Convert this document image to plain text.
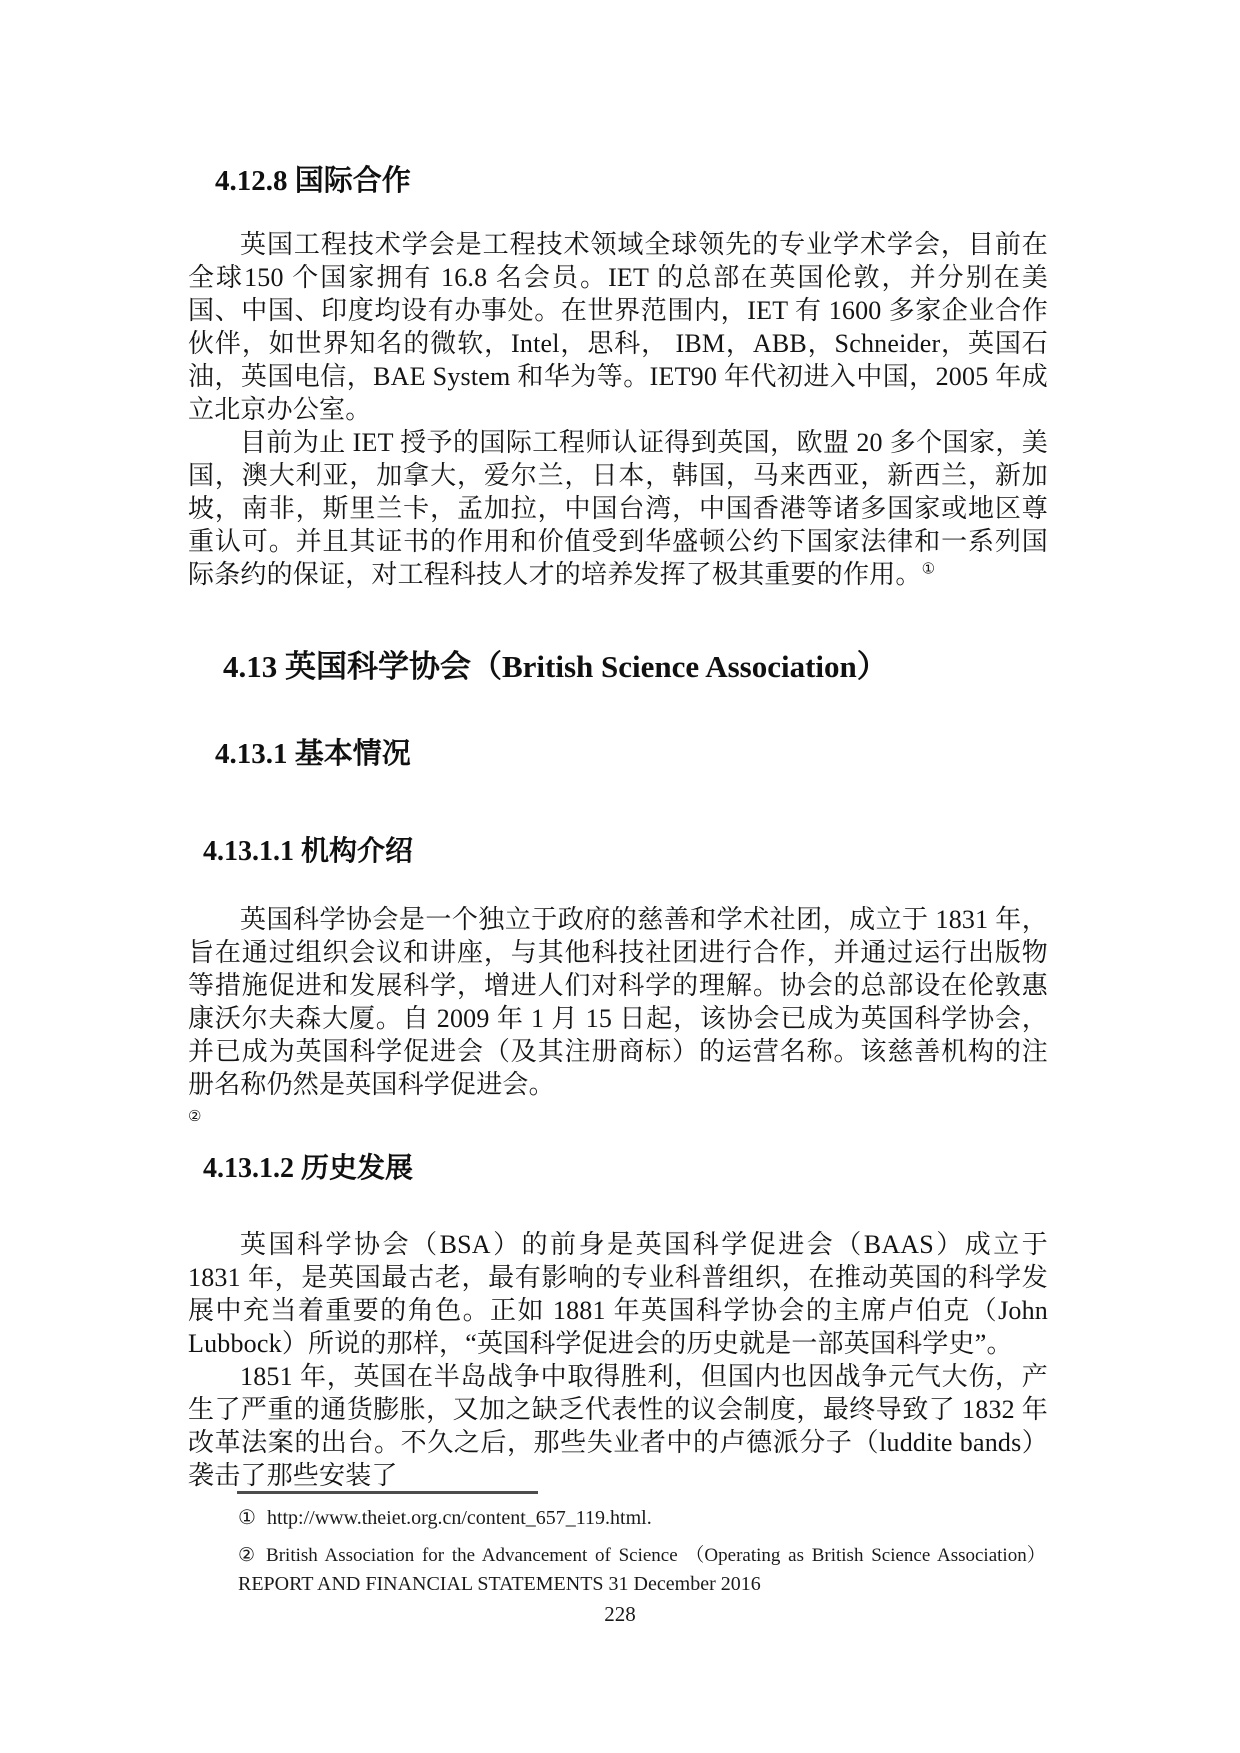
4.12.8 国际合作

英国工程技术学会是工程技术领域全球领先的专业学术学会，目前在全球150 个国家拥有 16.8 名会员。IET 的总部在英国伦敦，并分别在美国、中国、印度均设有办事处。在世界范围内，IET 有 1600 多家企业合作伙伴，如世界知名的微软，Intel，思科， IBM，ABB，Schneider，英国石油，英国电信，BAE System 和华为等。IET90 年代初进入中国，2005 年成立北京办公室。

目前为止 IET 授予的国际工程师认证得到英国，欧盟 20 多个国家，美国，澳大利亚，加拿大，爱尔兰，日本，韩国，马来西亚，新西兰，新加坡，南非，斯里兰卡，孟加拉，中国台湾，中国香港等诸多国家或地区尊重认可。并且其证书的作用和价值受到华盛顿公约下国家法律和一系列国际条约的保证，对工程科技人才的培养发挥了极其重要的作用。①

4.13 英国科学协会（British Science Association）
4.13.1 基本情况
4.13.1.1 机构介绍

英国科学协会是一个独立于政府的慈善和学术社团，成立于 1831 年，旨在通过组织会议和讲座，与其他科技社团进行合作，并通过运行出版物等措施促进和发展科学，增进人们对科学的理解。协会的总部设在伦敦惠康沃尔夫森大厦。自 2009 年 1 月 15 日起，该协会已成为英国科学协会，并已成为英国科学促进会（及其注册商标）的运营名称。该慈善机构的注册名称仍然是英国科学促进会。

②
4.13.1.2 历史发展

英国科学协会（BSA）的前身是英国科学促进会（BAAS）成立于 1831 年，是英国最古老，最有影响的专业科普组织，在推动英国的科学发展中充当着重要的角色。正如 1881 年英国科学协会的主席卢伯克（John Lubbock）所说的那样，“英国科学促进会的历史就是一部英国科学史”。

1851 年，英国在半岛战争中取得胜利，但国内也因战争元气大伤，产生了严重的通货膨胀，又加之缺乏代表性的议会制度，最终导致了 1832 年改革法案的出台。不久之后，那些失业者中的卢德派分子（luddite bands）袭击了那些安装了

① http://www.theiet.org.cn/content_657_119.html.
② British Association for the Advancement of Science （Operating as British Science Association）
REPORT AND FINANCIAL STATEMENTS 31 December 2016
228
